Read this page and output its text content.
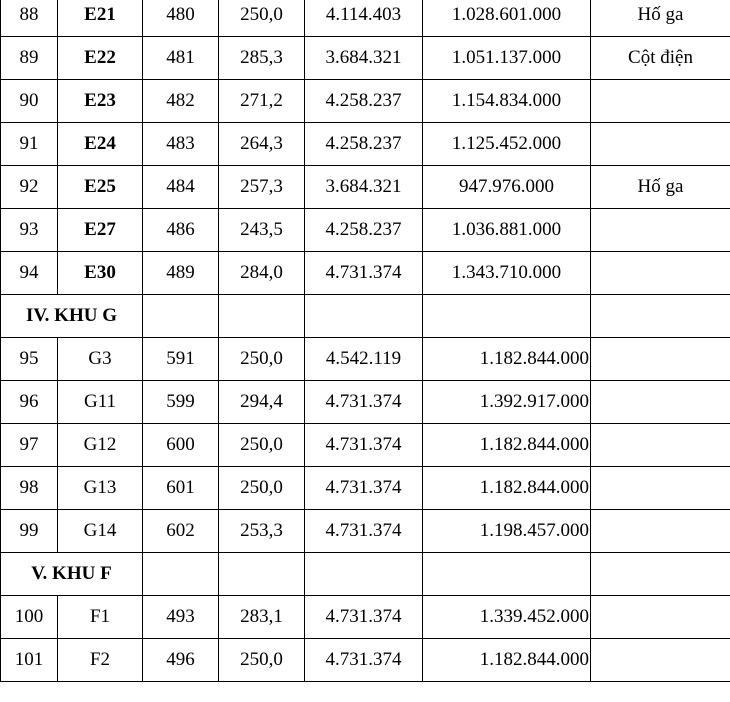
88	E21	480	250,0	4.114.403	1.028.601.000	Hố ga
89	E22	481	285,3	3.684.321	1.051.137.000	Cột điện
90	E23	482	271,2	4.258.237	1.154.834.000	
91	E24	483	264,3	4.258.237	1.125.452.000	
92	E25	484	257,3	3.684.321	947.976.000	Hố ga
93	E27	486	243,5	4.258.237	1.036.881.000	
94	E30	489	284,0	4.731.374	1.343.710.000	
IV. KHU G						
95	G3	591	250,0	4.542.119	1.182.844.000	
96	G11	599	294,4	4.731.374	1.392.917.000	
97	G12	600	250,0	4.731.374	1.182.844.000	
98	G13	601	250,0	4.731.374	1.182.844.000	
99	G14	602	253,3	4.731.374	1.198.457.000	
V. KHU F						
100	F1	493	283,1	4.731.374	1.339.452.000	
101	F2	496	250,0	4.731.374	1.182.844.000	
